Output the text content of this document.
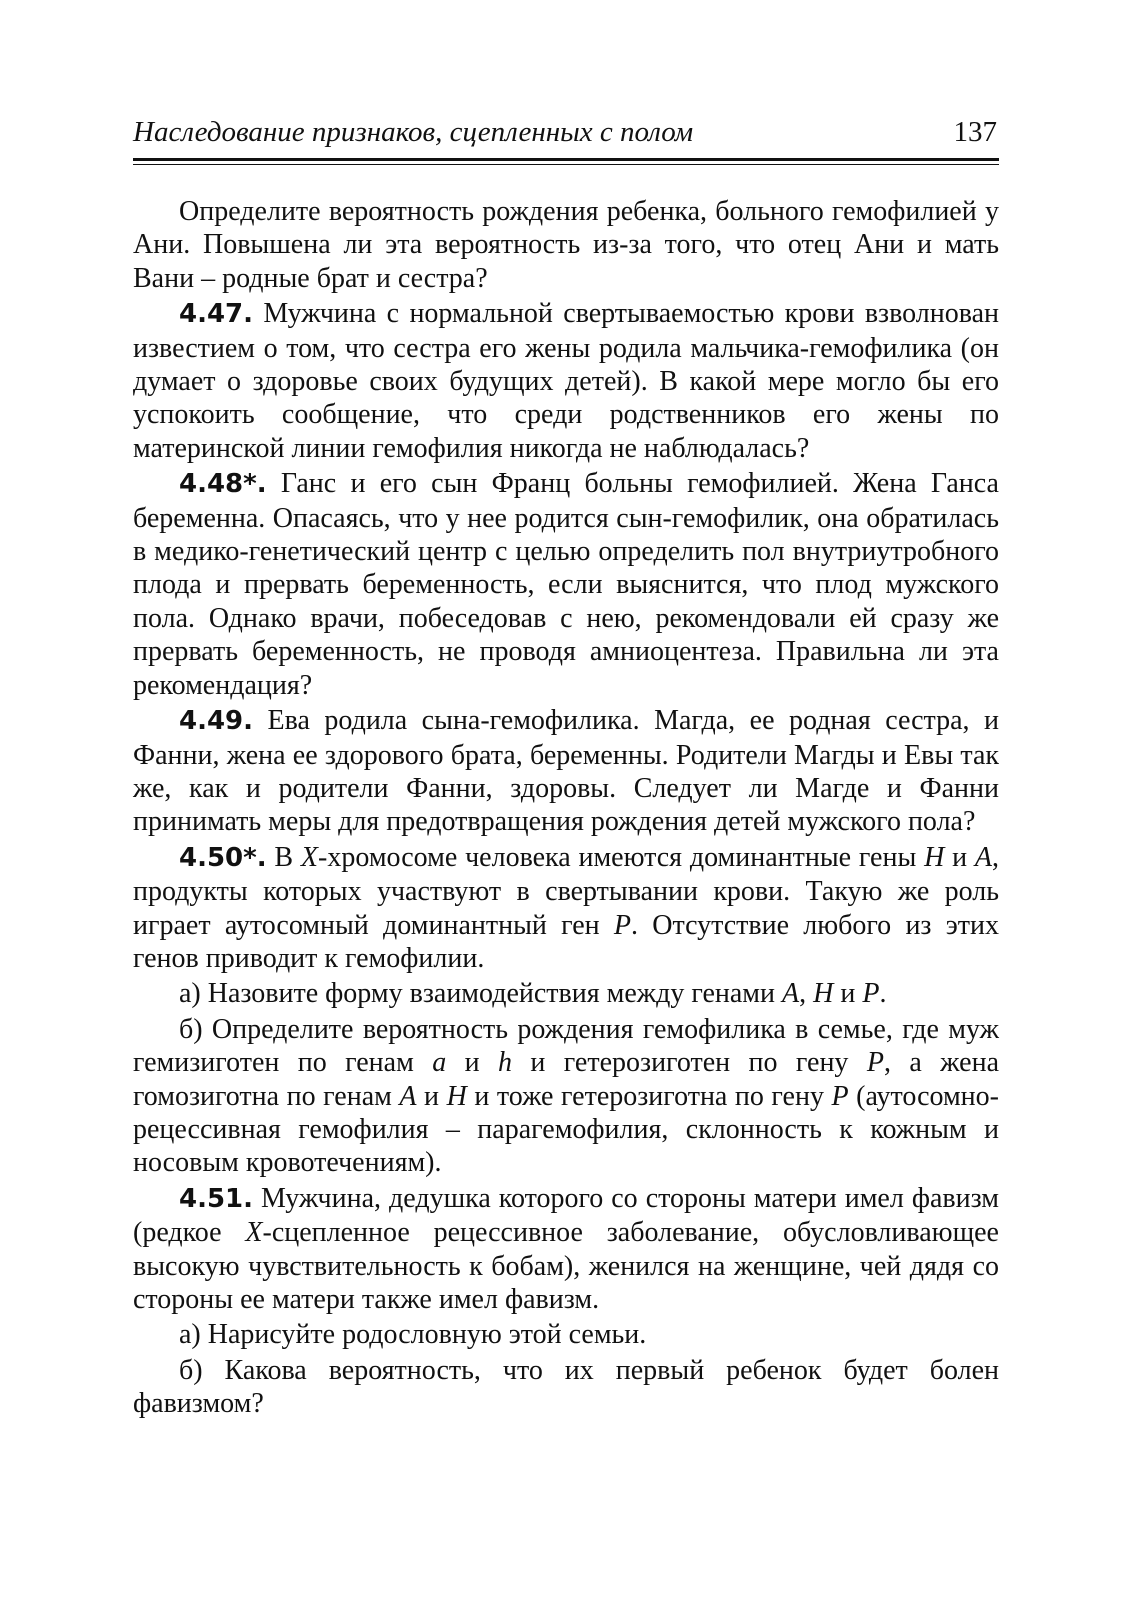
Наследование признаков, сцепленных с полом	137

Определите вероятность рождения ребенка, больного гемофилией у Ани. Повышена ли эта вероятность из-за того, что отец Ани и мать Вани – родные брат и сестра?

4.47. Мужчина с нормальной свертываемостью крови взволнован известием о том, что сестра его жены родила мальчика-гемофилика (он думает о здоровье своих будущих детей). В какой мере могло бы его успокоить сообщение, что среди родственников его жены по материнской линии гемофилия никогда не наблюдалась?

4.48*. Ганс и его сын Франц больны гемофилией. Жена Ганса беременна. Опасаясь, что у нее родится сын-гемофилик, она обратилась в медико-генетический центр с целью определить пол внутриутробного плода и прервать беременность, если выяснится, что плод мужского пола. Однако врачи, побеседовав с нею, рекомендовали ей сразу же прервать беременность, не проводя амниоцентеза. Правильна ли эта рекомендация?

4.49. Ева родила сына-гемофилика. Магда, ее родная сестра, и Фанни, жена ее здорового брата, беременны. Родители Магды и Евы так же, как и родители Фанни, здоровы. Следует ли Магде и Фанни принимать меры для предотвращения рождения детей мужского пола?

4.50*. В X-хромосоме человека имеются доминантные гены H и A, продукты которых участвуют в свертывании крови. Такую же роль играет аутосомный доминантный ген P. Отсутствие любого из этих генов приводит к гемофилии.

а) Назовите форму взаимодействия между генами A, H и P.

б) Определите вероятность рождения гемофилика в семье, где муж гемизиготен по генам a и h и гетерозиготен по гену P, а жена гомозиготна по генам A и H и тоже гетерозиготна по гену P (аутосомно-рецессивная гемофилия – парагемофилия, склонность к кожным и носовым кровотечениям).

4.51. Мужчина, дедушка которого со стороны матери имел фавизм (редкое X-сцепленное рецессивное заболевание, обусловливающее высокую чувствительность к бобам), женился на женщине, чей дядя со стороны ее матери также имел фавизм.

а) Нарисуйте родословную этой семьи.

б) Какова вероятность, что их первый ребенок будет болен фавизмом?
